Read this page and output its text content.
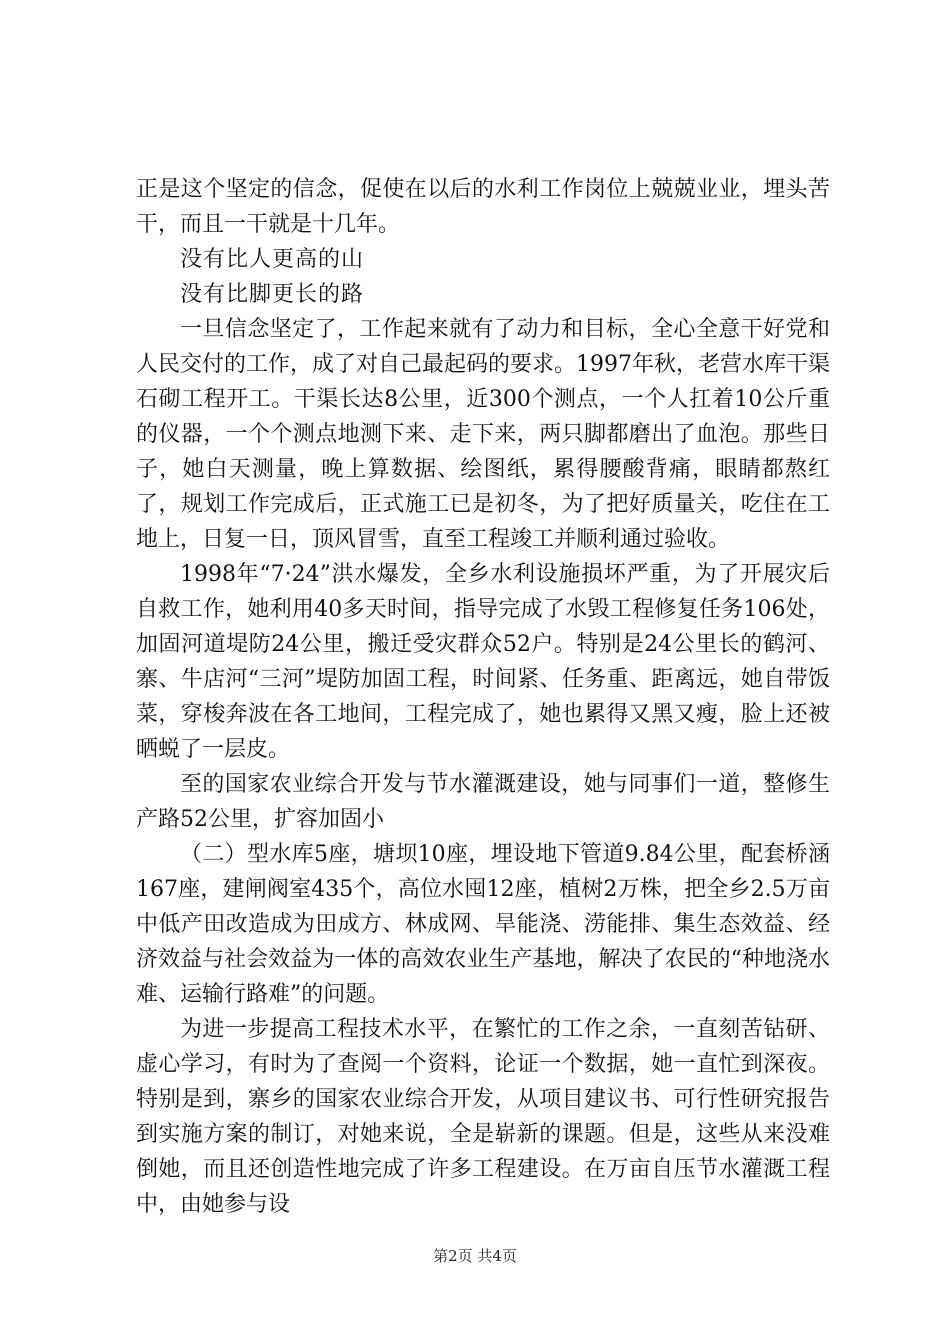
正是这个坚定的信念，促使在以后的水利工作岗位上兢兢业业，埋头苦干，而且一干就是十几年。

没有比人更高的山

没有比脚更长的路

一旦信念坚定了，工作起来就有了动力和目标，全心全意干好党和人民交付的工作，成了对自己最起码的要求。1997年秋，老营水库干渠石砌工程开工。干渠长达8公里，近300个测点，一个人扛着10公斤重的仪器，一个个测点地测下来、走下来，两只脚都磨出了血泡。那些日子，她白天测量，晚上算数据、绘图纸，累得腰酸背痛，眼睛都熬红了，规划工作完成后，正式施工已是初冬，为了把好质量关，吃住在工地上，日复一日，顶风冒雪，直至工程竣工并顺利通过验收。

1998年“7·24”洪水爆发，全乡水利设施损坏严重，为了开展灾后自救工作，她利用40多天时间，指导完成了水毁工程修复任务106处，加固河道堤防24公里，搬迁受灾群众52户。特别是24公里长的鹤河、寨、牛店河“三河”堤防加固工程，时间紧、任务重、距离远，她自带饭菜，穿梭奔波在各工地间，工程完成了，她也累得又黑又瘦，脸上还被晒蜕了一层皮。

至的国家农业综合开发与节水灌溉建设，她与同事们一道，整修生产路52公里，扩容加固小

（二）型水库5座，塘坝10座，埋设地下管道9.84公里，配套桥涵167座，建闸阀室435个，高位水囤12座，植树2万株，把全乡2.5万亩中低产田改造成为田成方、林成网、旱能浇、涝能排、集生态效益、经济效益与社会效益为一体的高效农业生产基地，解决了农民的“种地浇水难、运输行路难”的问题。

为进一步提高工程技术水平，在繁忙的工作之余，一直刻苦钻研、虚心学习，有时为了查阅一个资料，论证一个数据，她一直忙到深夜。特别是到，寨乡的国家农业综合开发，从项目建议书、可行性研究报告到实施方案的制订，对她来说，全是崭新的课题。但是，这些从来没难倒她，而且还创造性地完成了许多工程建设。在万亩自压节水灌溉工程中，由她参与设

第2页 共4页
